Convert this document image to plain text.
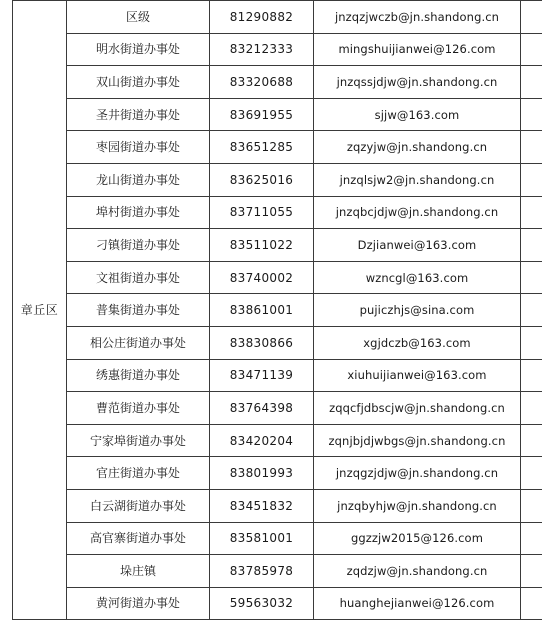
章丘区	区级	81290882	jnzqzjwczb@jn.shandong.cn	
	明水街道办事处	83212333	mingshuijianwei@126.com	
	双山街道办事处	83320688	jnzqssjdjw@jn.shandong.cn	
	圣井街道办事处	83691955	sjjw@163.com	
	枣园街道办事处	83651285	zqzyjw@jn.shandong.cn	
	龙山街道办事处	83625016	jnzqlsjw2@jn.shandong.cn	
	埠村街道办事处	83711055	jnzqbcjdjw@jn.shandong.cn	
	刁镇街道办事处	83511022	Dzjianwei@163.com	
	文祖街道办事处	83740002	wzncgl@163.com	
	普集街道办事处	83861001	pujiczhjs@sina.com	
	相公庄街道办事处	83830866	xgjdczb@163.com	
	绣惠街道办事处	83471139	xiuhuijianwei@163.com	
	曹范街道办事处	83764398	zqqcfjdbscjw@jn.shandong.cn	
	宁家埠街道办事处	83420204	zqnjbjdjwbgs@jn.shandong.cn	
	官庄街道办事处	83801993	jnzqgzjdjw@jn.shandong.cn	
	白云湖街道办事处	83451832	jnzqbyhjw@jn.shandong.cn	
	高官寨街道办事处	83581001	ggzzjw2015@126.com	
	垛庄镇	83785978	zqdzjw@jn.shandong.cn	
	黄河街道办事处	59563032	huanghejianwei@126.com	
